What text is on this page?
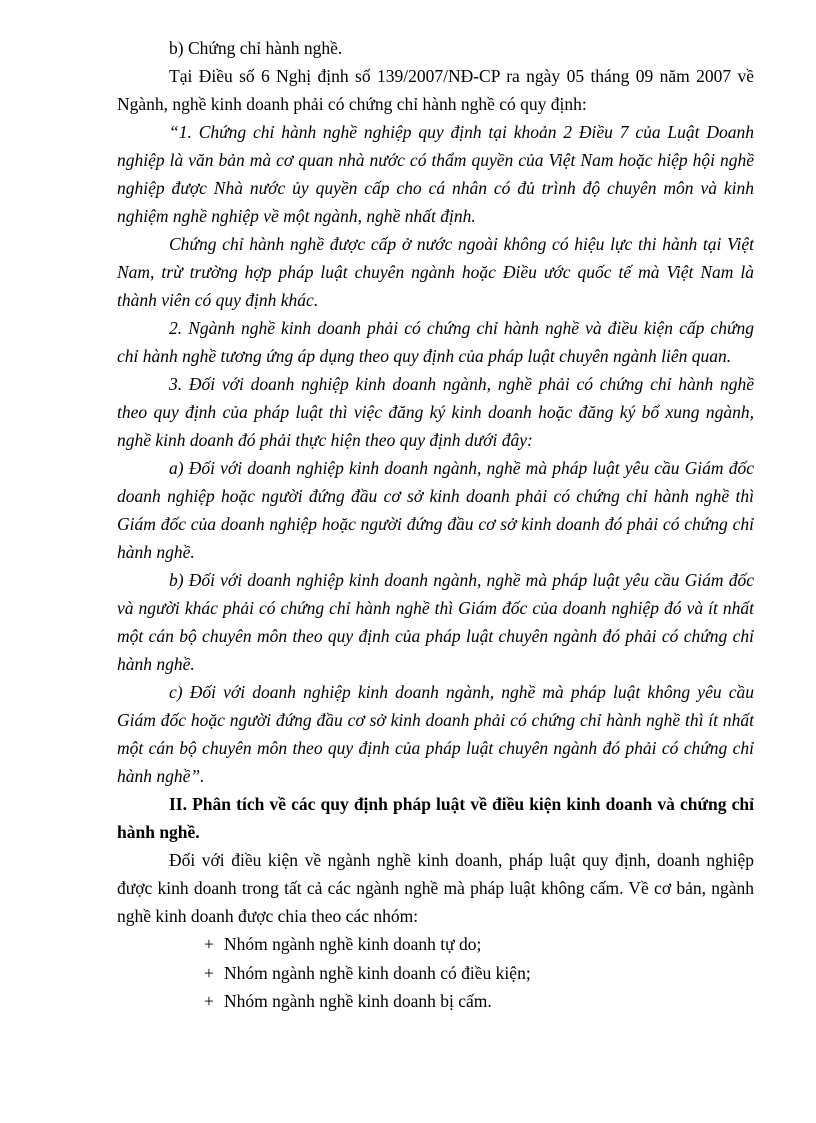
b) Chứng chỉ hành nghề.

Tại Điều số 6 Nghị định số 139/2007/NĐ-CP ra ngày 05 tháng 09 năm 2007 về Ngành, nghề kinh doanh phải có chứng chỉ hành nghề có quy định:

“1. Chứng chỉ hành nghề nghiệp quy định tại khoản 2 Điều 7 của Luật Doanh nghiệp là văn bản mà cơ quan nhà nước có thẩm quyền của Việt Nam hoặc hiệp hội nghề nghiệp được Nhà nước ủy quyền cấp cho cá nhân có đủ trình độ chuyên môn và kinh nghiệm nghề nghiệp về một ngành, nghề nhất định.

Chứng chỉ hành nghề được cấp ở nước ngoài không có hiệu lực thi hành tại Việt Nam, trừ trường hợp pháp luật chuyên ngành hoặc Điều ước quốc tế mà Việt Nam là thành viên có quy định khác.

2. Ngành nghề kinh doanh phải có chứng chỉ hành nghề và điều kiện cấp chứng chỉ hành nghề tương ứng áp dụng theo quy định của pháp luật chuyên ngành liên quan.

3. Đối với doanh nghiệp kinh doanh ngành, nghề phải có chứng chỉ hành nghề theo quy định của pháp luật thì việc đăng ký kinh doanh hoặc đăng ký bổ xung ngành, nghề kinh doanh đó phải thực hiện theo quy định dưới đây:

a) Đối với doanh nghiệp kinh doanh ngành, nghề mà pháp luật yêu cầu Giám đốc doanh nghiệp hoặc người đứng đầu cơ sở kinh doanh phải có chứng chỉ hành nghề thì Giám đốc của doanh nghiệp hoặc người đứng đầu cơ sở kinh doanh đó phải có chứng chỉ hành nghề.

b) Đối với doanh nghiệp kinh doanh ngành, nghề mà pháp luật yêu cầu Giám đốc và người khác phải có chứng chỉ hành nghề thì Giám đốc của doanh nghiệp đó và ít nhất một cán bộ chuyên môn theo quy định của pháp luật chuyên ngành đó phải có chứng chỉ hành nghề.

c) Đối với doanh nghiệp kinh doanh ngành, nghề mà pháp luật không yêu cầu Giám đốc hoặc người đứng đầu cơ sở kinh doanh phải có chứng chỉ hành nghề thì ít nhất một cán bộ chuyên môn theo quy định của pháp luật chuyên ngành đó phải có chứng chỉ hành nghề”.

II. Phân tích về các quy định pháp luật về điều kiện kinh doanh và chứng chỉ hành nghề.

Đối với điều kiện về ngành nghề kinh doanh, pháp luật quy định, doanh nghiệp được kinh doanh trong tất cả các ngành nghề mà pháp luật không cấm. Về cơ bản, ngành nghề kinh doanh được chia theo các nhóm:

+ Nhóm ngành nghề kinh doanh tự do;
+ Nhóm ngành nghề kinh doanh có điều kiện;
+ Nhóm ngành nghề kinh doanh bị cấm.
